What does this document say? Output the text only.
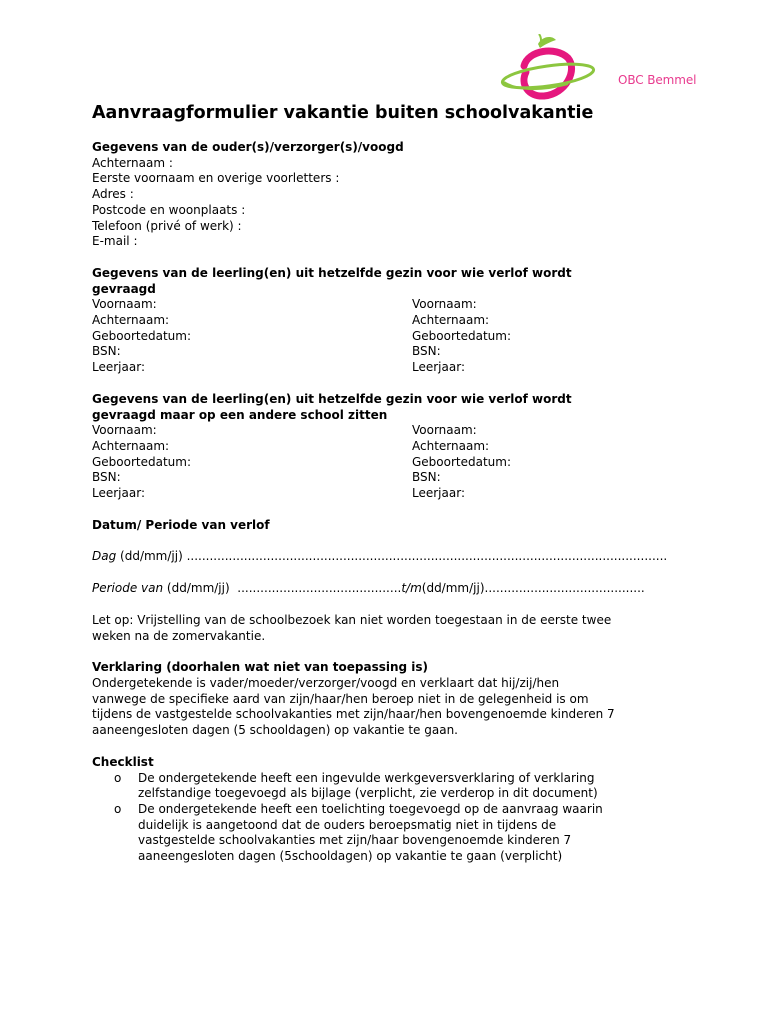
OBC Bemmel
Aanvraagformulier vakantie buiten schoolvakantie
Gegevens van de ouder(s)/verzorger(s)/voogd
Achternaam :
Eerste voornaam en overige voorletters :
Adres :
Postcode en woonplaats :
Telefoon (privé of werk) :
E-mail :
Gegevens van de leerling(en) uit hetzelfde gezin voor wie verlof wordt
gevraagd
Voornaam:
Achternaam:
Geboortedatum:
BSN:
Leerjaar:
Voornaam:
Achternaam:
Geboortedatum:
BSN:
Leerjaar:
Gegevens van de leerling(en) uit hetzelfde gezin voor wie verlof wordt
gevraagd maar op een andere school zitten
Voornaam:
Achternaam:
Geboortedatum:
BSN:
Leerjaar:
Voornaam:
Achternaam:
Geboortedatum:
BSN:
Leerjaar:
Datum/ Periode van verlof
Dag (dd/mm/jj) ..............................................................................................................................
Periode van (dd/mm/jj)  ...........................................t/m(dd/mm/jj)..........................................
Let op: Vrijstelling van de schoolbezoek kan niet worden toegestaan in de eerste twee
weken na de zomervakantie.
Verklaring (doorhalen wat niet van toepassing is)
Ondergetekende is vader/moeder/verzorger/voogd en verklaart dat hij/zij/hen
vanwege de specifieke aard van zijn/haar/hen beroep niet in de gelegenheid is om
tijdens de vastgestelde schoolvakanties met zijn/haar/hen bovengenoemde kinderen 7
aaneengesloten dagen (5 schooldagen) op vakantie te gaan.
Checklist
o De ondergetekende heeft een ingevulde werkgeversverklaring of verklaring
zelfstandige toegevoegd als bijlage (verplicht, zie verderop in dit document)
o De ondergetekende heeft een toelichting toegevoegd op de aanvraag waarin
duidelijk is aangetoond dat de ouders beroepsmatig niet in tijdens de
vastgestelde schoolvakanties met zijn/haar bovengenoemde kinderen 7
aaneengesloten dagen (5schooldagen) op vakantie te gaan (verplicht)
